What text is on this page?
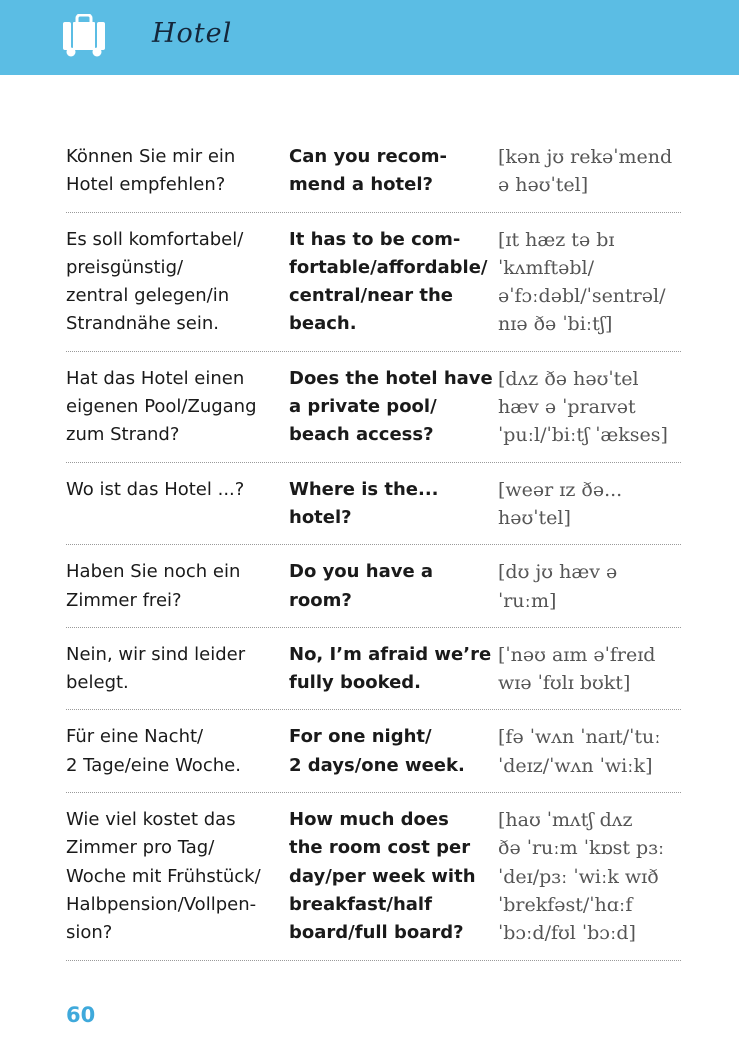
Hotel
Können Sie mir ein
Hotel empfehlen?
Can you recom-
mend a hotel?
[kən jʊ rekəˈmend
ə həʊˈtel]
Es soll komfortabel/
preisgünstig/
zentral gelegen/in
Strandnähe sein.
It has to be com-
fortable/affordable/
central/near the
beach.
[ɪt hæz tə bɪ
ˈkʌmftəbl/
əˈfɔːdəbl/ˈsentrəl/
nɪə ðə ˈbiːtʃ]
Hat das Hotel einen
eigenen Pool/Zugang
zum Strand?
Does the hotel have
a private pool/
beach access?
[dʌz ðə həʊˈtel
hæv ə ˈpraɪvət
ˈpuːl/ˈbiːtʃ ˈækses]
Wo ist das Hotel ...?	Where is the...
hotel?
[weər ɪz ðə...
həʊˈtel]
Haben Sie noch ein
Zimmer frei?
Do you have a
room?
[dʊ jʊ hæv ə
ˈruːm]
Nein, wir sind leider
belegt.
No, I’m afraid we’re
fully booked.
[ˈnəʊ aɪm əˈfreɪd
wɪə ˈfʊlɪ bʊkt]
Für eine Nacht/
2 Tage/eine Woche.
For one night/
2 days/one week.
[fə ˈwʌn ˈnaɪt/ˈtuː
ˈdeɪz/ˈwʌn ˈwiːk]
Wie viel kostet das
Zimmer pro Tag/
Woche mit Frühstück/
Halbpension/Vollpen-
sion?
How much does
the room cost per
day/per week with
breakfast/half
board/full board?
[haʊ ˈmʌtʃ dʌz
ðə ˈruːm ˈkɒst pɜː
ˈdeɪ/pɜː ˈwiːk wɪð
ˈbrekfəst/ˈhɑːf
ˈbɔːd/fʊl ˈbɔːd]
60
